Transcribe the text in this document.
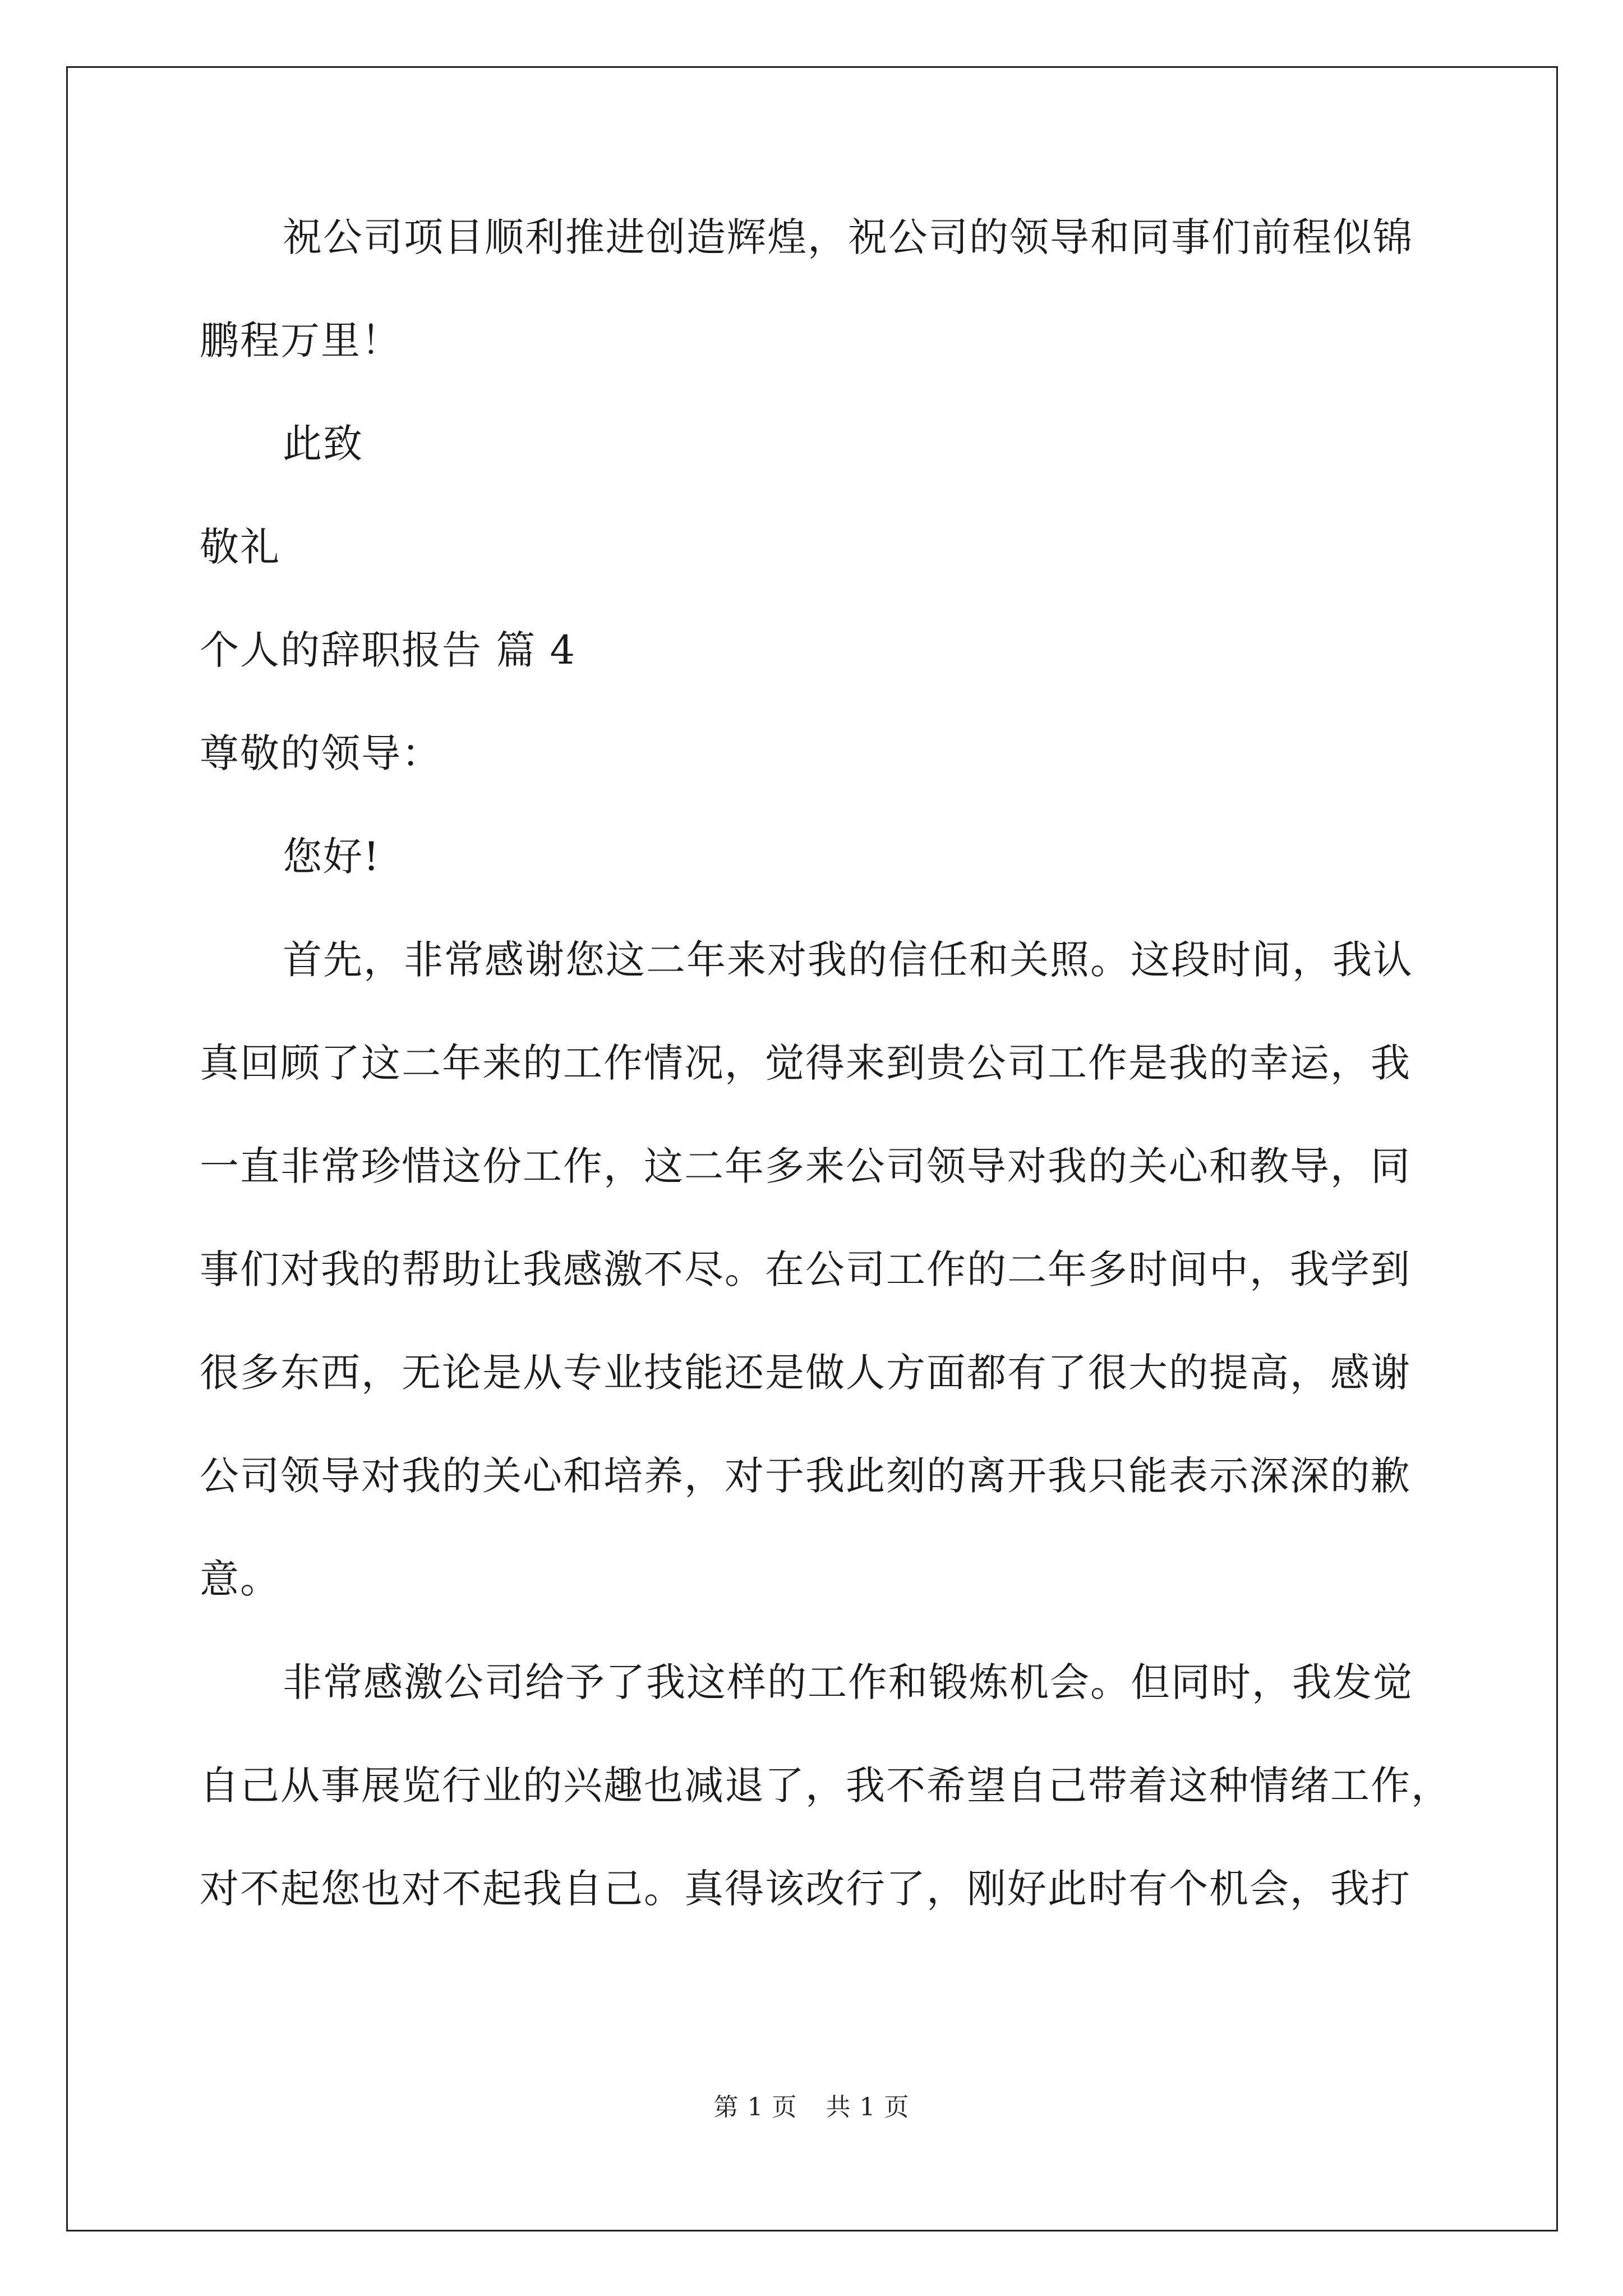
祝公司项目顺利推进创造辉煌，祝公司的领导和同事们前程似锦
鹏程万里！
此致
敬礼
个人的辞职报告 篇 4
尊敬的领导：
您好!
首先，非常感谢您这二年来对我的信任和关照。这段时间，我认
真回顾了这二年来的工作情况，觉得来到贵公司工作是我的幸运，我
一直非常珍惜这份工作，这二年多来公司领导对我的关心和教导，同
事们对我的帮助让我感激不尽。在公司工作的二年多时间中，我学到
很多东西，无论是从专业技能还是做人方面都有了很大的提高，感谢
公司领导对我的关心和培养，对于我此刻的离开我只能表示深深的歉
意。
非常感激公司给予了我这样的工作和锻炼机会。但同时，我发觉
自己从事展览行业的兴趣也减退了，我不希望自己带着这种情绪工作，
对不起您也对不起我自己。真得该改行了，刚好此时有个机会，我打
第 1 页 共 1 页
